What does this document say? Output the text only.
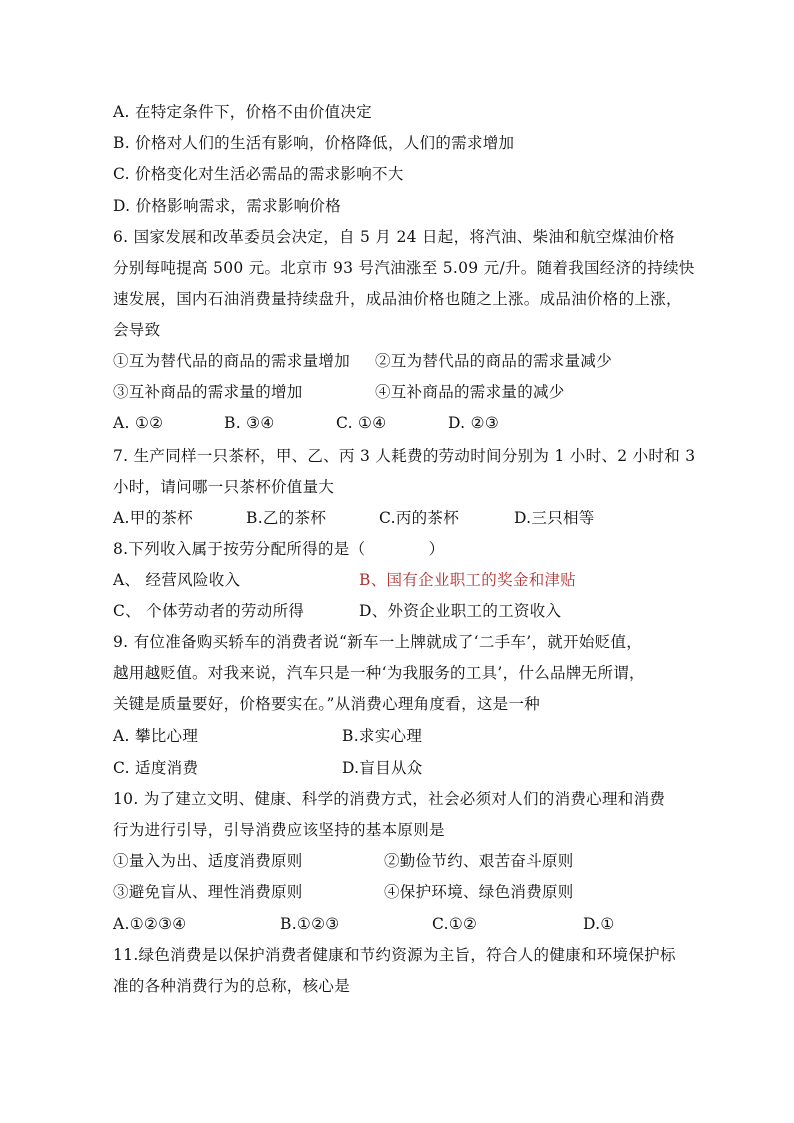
A. 在特定条件下，价格不由价值决定
B. 价格对人们的生活有影响，价格降低，人们的需求增加
C. 价格变化对生活必需品的需求影响不大
D. 价格影响需求，需求影响价格
6. 国家发展和改革委员会决定，自 5 月 24 日起，将汽油、柴油和航空煤油价格
分别每吨提高 500 元。北京市 93 号汽油涨至 5.09 元/升。随着我国经济的持续快
速发展，国内石油消费量持续盘升，成品油价格也随之上涨。成品油价格的上涨，
会导致
①互为替代品的商品的需求量增加 ②互为替代品的商品的需求量减少
③互补商品的需求量的增加	④互补商品的需求量的减少
A. ①②	B. ③④	C. ①④	D. ②③
7. 生产同样一只茶杯，甲、乙、丙 3 人耗费的劳动时间分别为 1 小时、2 小时和 3
小时，请问哪一只茶杯价值量大
A.甲的茶杯	B.乙的茶杯	C.丙的茶杯	D.三只相等
8.下列收入属于按劳分配所得的是（　　　　）
A、 经营风险收入	B、国有企业职工的奖金和津贴
C、 个体劳动者的劳动所得	D、外资企业职工的工资收入
9. 有位准备购买轿车的消费者说“新车一上牌就成了‘二手车’，就开始贬值，
越用越贬值。对我来说，汽车只是一种‘为我服务的工具’，什么品牌无所谓，
关键是质量要好，价格要实在。”从消费心理角度看，这是一种
A. 攀比心理	B.求实心理
C. 适度消费	D.盲目从众
10. 为了建立文明、健康、科学的消费方式，社会必须对人们的消费心理和消费
行为进行引导，引导消费应该坚持的基本原则是
①量入为出、适度消费原则	②勤俭节约、艰苦奋斗原则
③避免盲从、理性消费原则	④保护环境、绿色消费原则
A.①②③④	B.①②③	C.①②	D.①
11.绿色消费是以保护消费者健康和节约资源为主旨，符合人的健康和环境保护标
准的各种消费行为的总称，核心是
